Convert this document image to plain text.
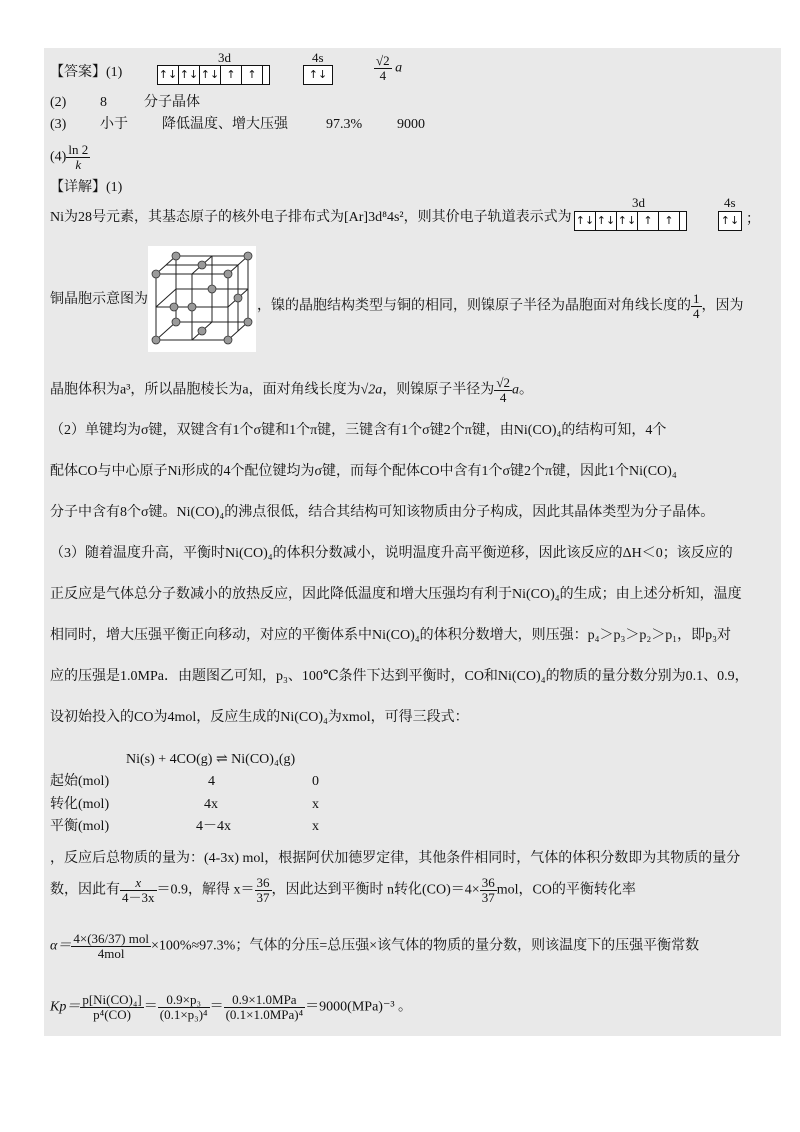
【答案】(1)
3d	4s
↑↓ ↑↓ ↑↓ ↑	↑	↑↓	$\frac{√2}{4}$ a
(2) 8	分子晶体
(3) 小于 降低温度、增大压强	97.3% 9000
$(4) \frac{\ln 2}{k}$
【详解】(1)
Ni为28号元素，其基态原子的核外电子排布式为[Ar]3d⁸4s²，则其价电子轨道表示式为
3d	4s
↑↓ ↑↓ ↑↓ ↑	↑	↑↓ ；
铜晶胞示意图为	，镍的晶胞结构类型与铜的相同，则镍原子半径为晶胞面对角线长度的 $\frac{1}{4}$ ，因为
晶胞体积为a³，所以晶胞棱长为a，面对角线长度为√2a，则镍原子半径为 $\frac{√2}{4}$ a。
（2）单键均为σ键，双键含有1个σ键和1个π键，三键含有1个σ键2个π键，由Ni(CO)₄的结构可知，4个
配体CO与中心原子Ni形成的4个配位键均为σ键，而每个配体CO中含有1个σ键2个π键，因此1个Ni(CO)₄
分子中含有8个σ键。Ni(CO)₄的沸点很低，结合其结构可知该物质由分子构成，因此其晶体类型为分子晶体。
（3）随着温度升高，平衡时Ni(CO)₄的体积分数减小，说明温度升高平衡逆移，因此该反应的ΔH＜0；该反应的
正反应是气体总分子数减小的放热反应，因此降低温度和增大压强均有利于Ni(CO)₄的生成；由上述分析知，温度
相同时，增大压强平衡正向移动，对应的平衡体系中Ni(CO)₄的体积分数增大，则压强：p₄＞p₃＞p₂＞p₁，即p₃对
应的压强是1.0MPa．由题图乙可知，p₃、100℃条件下达到平衡时，CO和Ni(CO)₄的物质的量分数分别为0.1、0.9，
设初始投入的CO为4mol，反应生成的Ni(CO)₄为xmol，可得三段式：
Ni(s) + 4CO(g) ⇌ Ni(CO)₄(g)
起始(mol)	4	0
转化(mol)	4x	x
平衡(mol)	4－4x	x
，反应后总物质的量为：(4-3x) mol，根据阿伏加德罗定律，其他条件相同时，气体的体积分数即为其物质的量分
数，因此有 $\frac{x}{4-3x} =0.9$，解得 $x= \frac{36}{37}$ ，因此达到平衡时 n转化$(CO)=4\times \frac{36}{37}$ mol，CO的平衡转化率
$\alpha= \frac{\text{4×(36/37) mol}}{\text{4mol}} \times 100\%\approx 97.3\%$；气体的分压=总压强×该气体的物质的量分数，则该温度下的压强平衡常数
$Kp= \frac{\text{p[Ni(CO)₄]}}{\text{p⁴(CO)}} = \frac{\text{0.9×p₃}}{\text{(0.1×p₃)⁴}} = \frac{\text{0.9×1.0MPa}}{\text{(0.1×1.0MPa)⁴}} =9000(MPa)^{-3}$ 。
